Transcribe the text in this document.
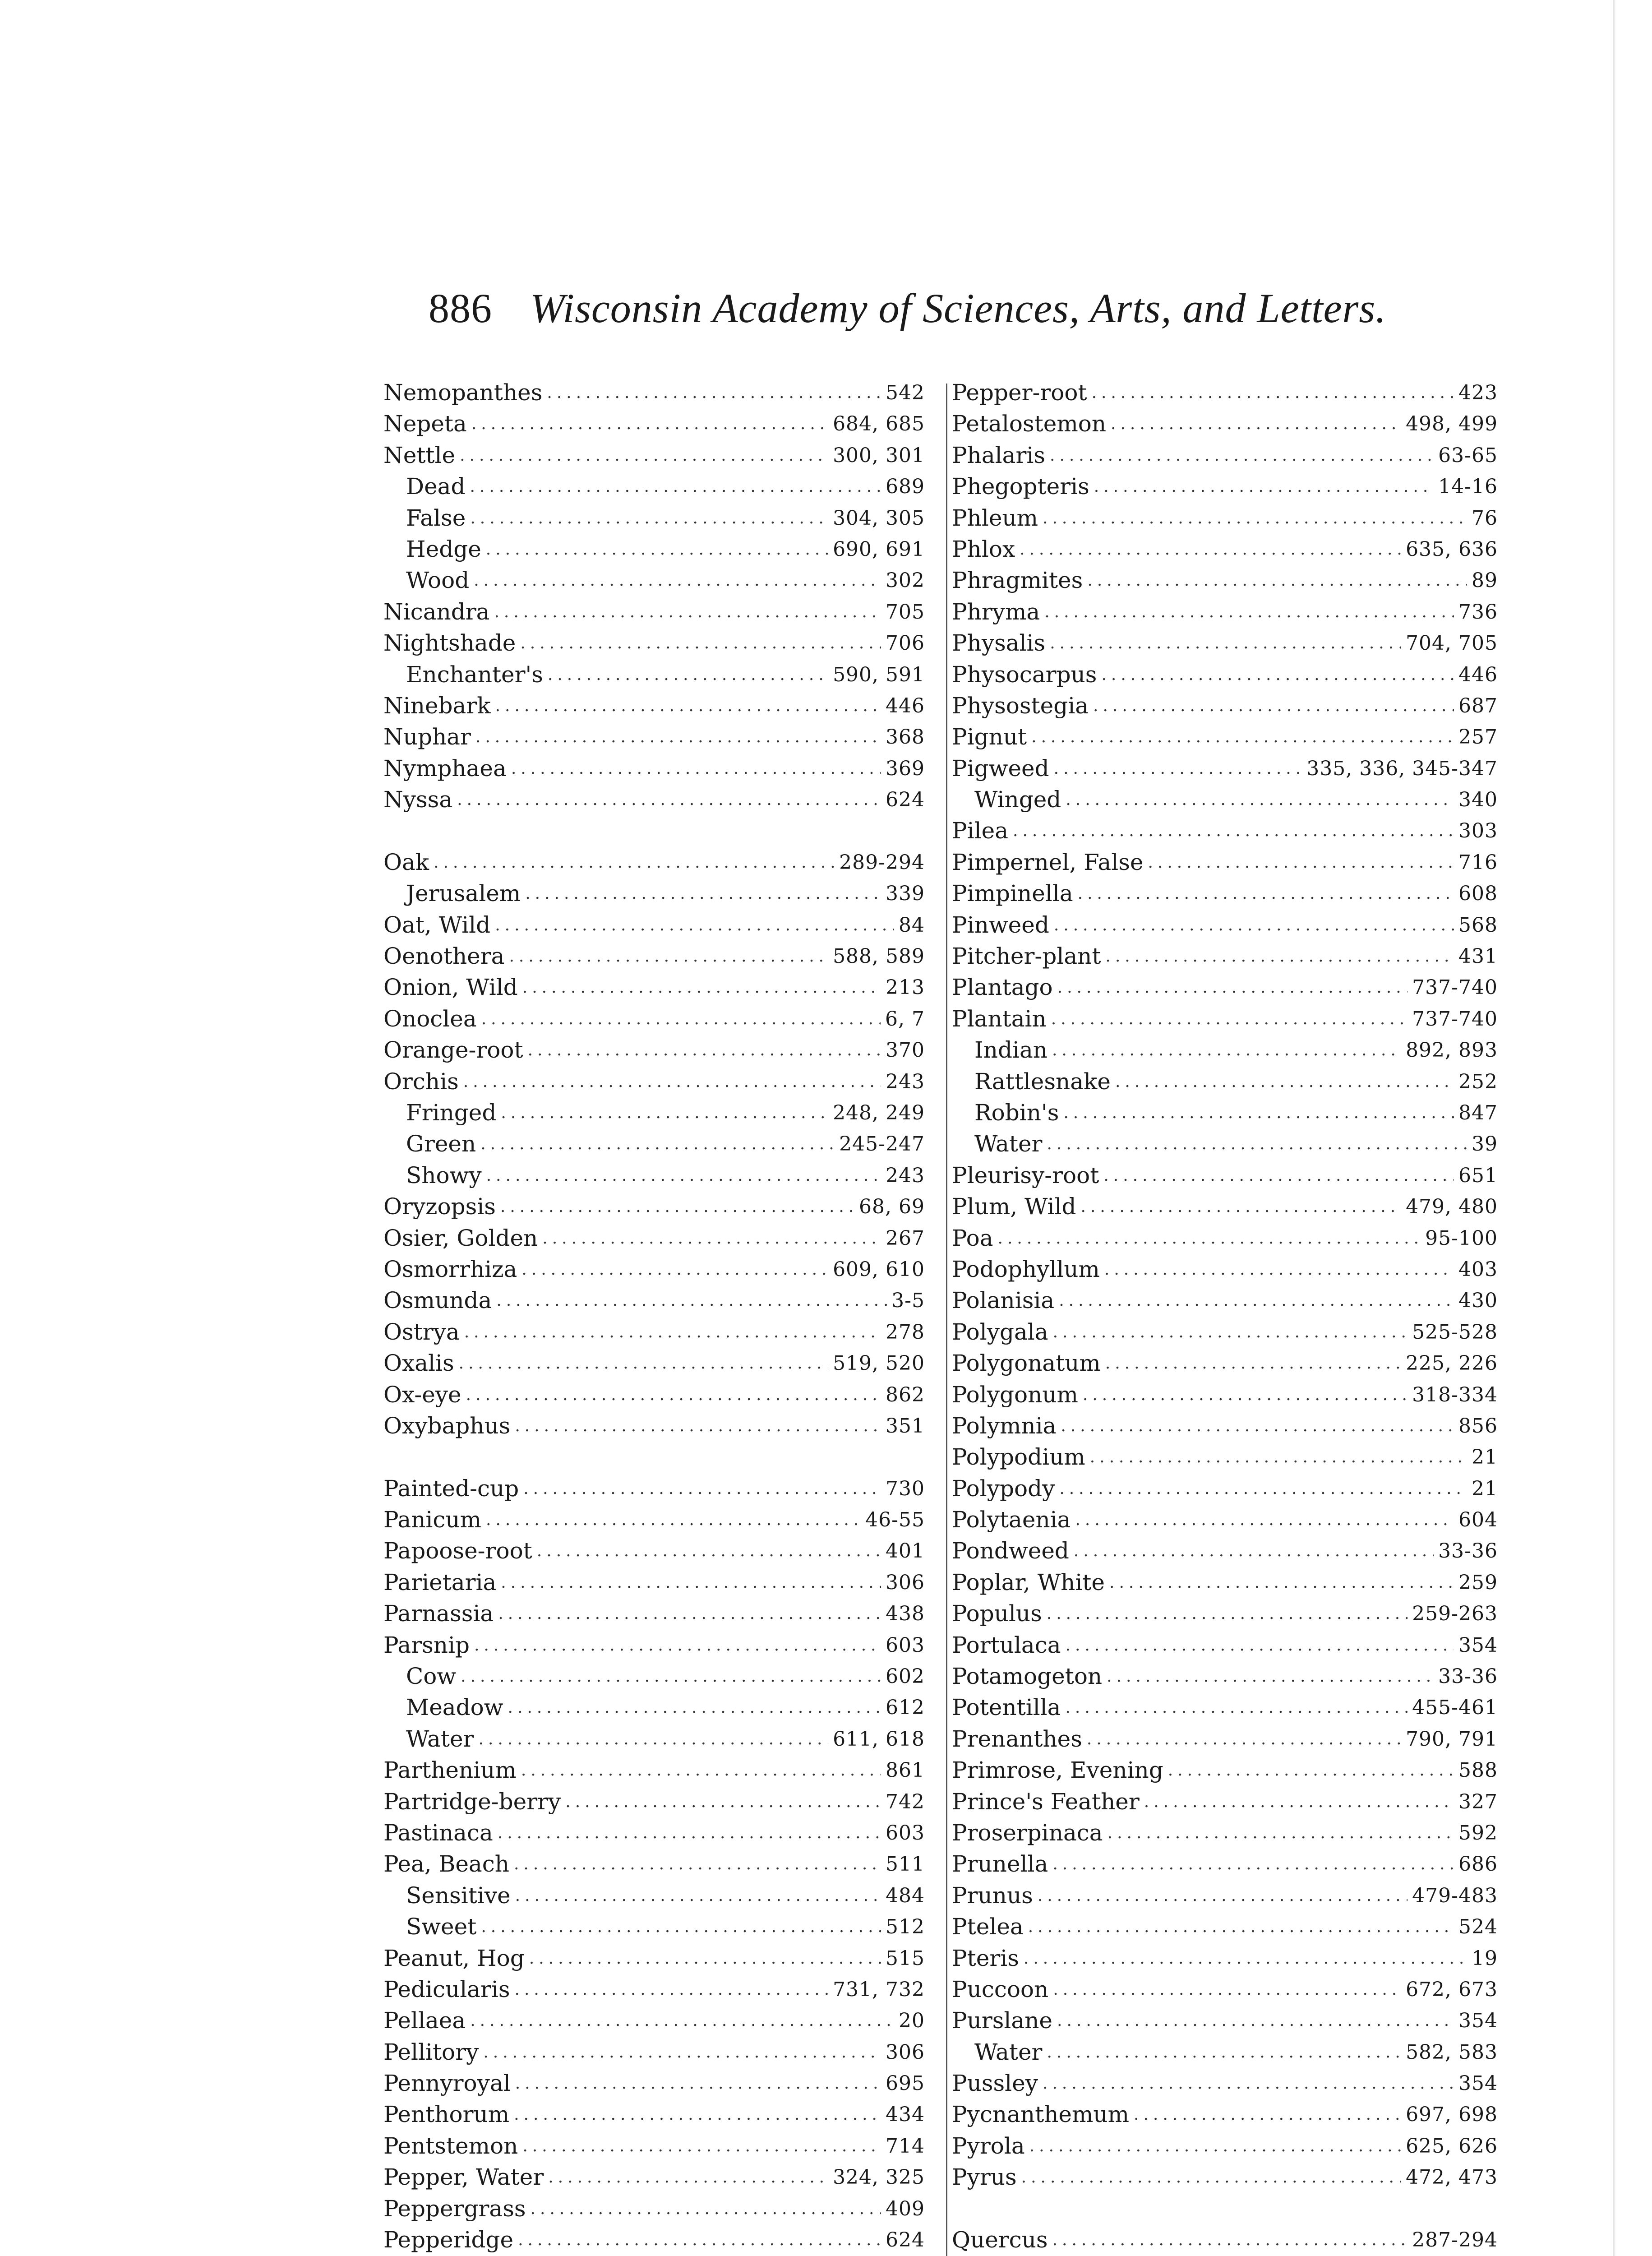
886 Wisconsin Academy of Sciences, Arts, and Letters.
Nemopanthes .....	542
Nepeta .....	684, 685
Nettle .....	300, 301
Dead .....	689
False .....	304, 305
Hedge .....	690, 691
Wood .....	302
Nicandra .....	705
Nightshade .....	706
Enchanter's .....	590, 591
Ninebark .....	446
Nuphar .....	368
Nymphaea .....	369
Nyssa .....	624
Oak .....	289-294
Jerusalem .....	339
Oat, Wild .....	84
Oenothera .....	588, 589
Onion, Wild .....	213
Onoclea .....	6, 7
Orange-root .....	370
Orchis .....	243
Fringed .....	248, 249
Green .....	245-247
Showy .....	243
Oryzopsis .....	68, 69
Osier, Golden .....	267
Osmorrhiza .....	609, 610
Osmunda .....	3-5
Ostrya .....	278
Oxalis .....	519, 520
Ox-eye .....	862
Oxybaphus .....	351
Painted-cup .....	730
Panicum .....	46-55
Papoose-root .....	401
Parietaria .....	306
Parnassia .....	438
Parsnip .....	603
Cow .....	602
Meadow .....	612
Water .....	611, 618
Parthenium .....	861
Partridge-berry .....	742
Pastinaca .....	603
Pea, Beach .....	511
Sensitive .....	484
Sweet .....	512
Peanut, Hog .....	515
Pedicularis .....	731, 732
Pellaea .....	20
Pellitory .....	306
Pennyroyal .....	695
Penthorum .....	434
Pentstemon .....	714
Pepper, Water .....	324, 325
Peppergrass .....	409
Pepperidge .....	624
Pepper-root .....	423
Petalostemon .....	498, 499
Phalaris .....	63-65
Phegopteris .....	14-16
Phleum .....	76
Phlox .....	635, 636
Phragmites .....	89
Phryma .....	736
Physalis .....	704, 705
Physocarpus .....	446
Physostegia .....	687
Pignut .....	257
Pigweed .....	335, 336, 345-347
Winged .....	340
Pilea .....	303
Pimpernel, False .....	716
Pimpinella .....	608
Pinweed .....	568
Pitcher-plant .....	431
Plantago .....	737-740
Plantain .....	737-740
Indian .....	892, 893
Rattlesnake .....	252
Robin's .....	847
Water .....	39
Pleurisy-root .....	651
Plum, Wild .....	479, 480
Poa .....	95-100
Podophyllum .....	403
Polanisia .....	430
Polygala .....	525-528
Polygonatum .....	225, 226
Polygonum .....	318-334
Polymnia .....	856
Polypodium .....	21
Polypody .....	21
Polytaenia .....	604
Pondweed .....	33-36
Poplar, White .....	259
Populus .....	259-263
Portulaca .....	354
Potamogeton .....	33-36
Potentilla .....	455-461
Prenanthes .....	790, 791
Primrose, Evening .....	588
Prince's Feather .....	327
Proserpinaca .....	592
Prunella .....	686
Prunus .....	479-483
Ptelea .....	524
Pteris .....	19
Puccoon .....	672, 673
Purslane .....	354
Water .....	582, 583
Pussley .....	354
Pycnanthemum .....	697, 698
Pyrola .....	625, 626
Pyrus .....	472, 473
Quercus .....	287-294
